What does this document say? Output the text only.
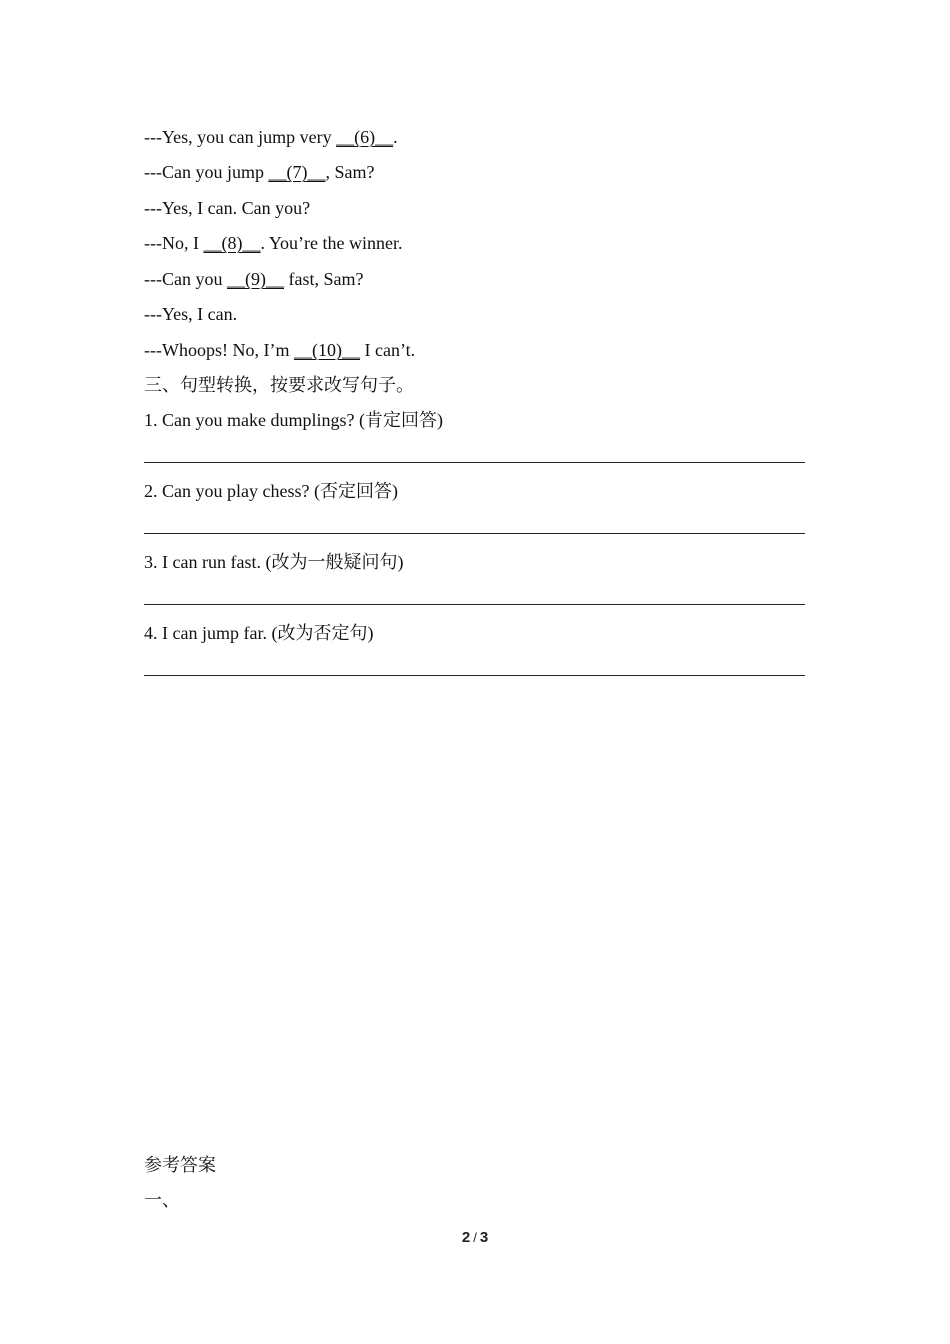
---Yes, you can jump very __(6)__.
---Can you jump __(7)__, Sam?
---Yes, I can. Can you?
---No, I __(8)__. You’re the winner.
---Can you __(9)__ fast, Sam?
---Yes, I can.
---Whoops! No, I’m __(10)__ I can’t.
三、句型转换，按要求改写句子。
1. Can you make dumplings? (肯定回答)
2. Can you play chess? (否定回答)
3. I can run fast. (改为一般疑问句)
4. I can jump far. (改为否定句)
参考答案
一、
2 / 3
